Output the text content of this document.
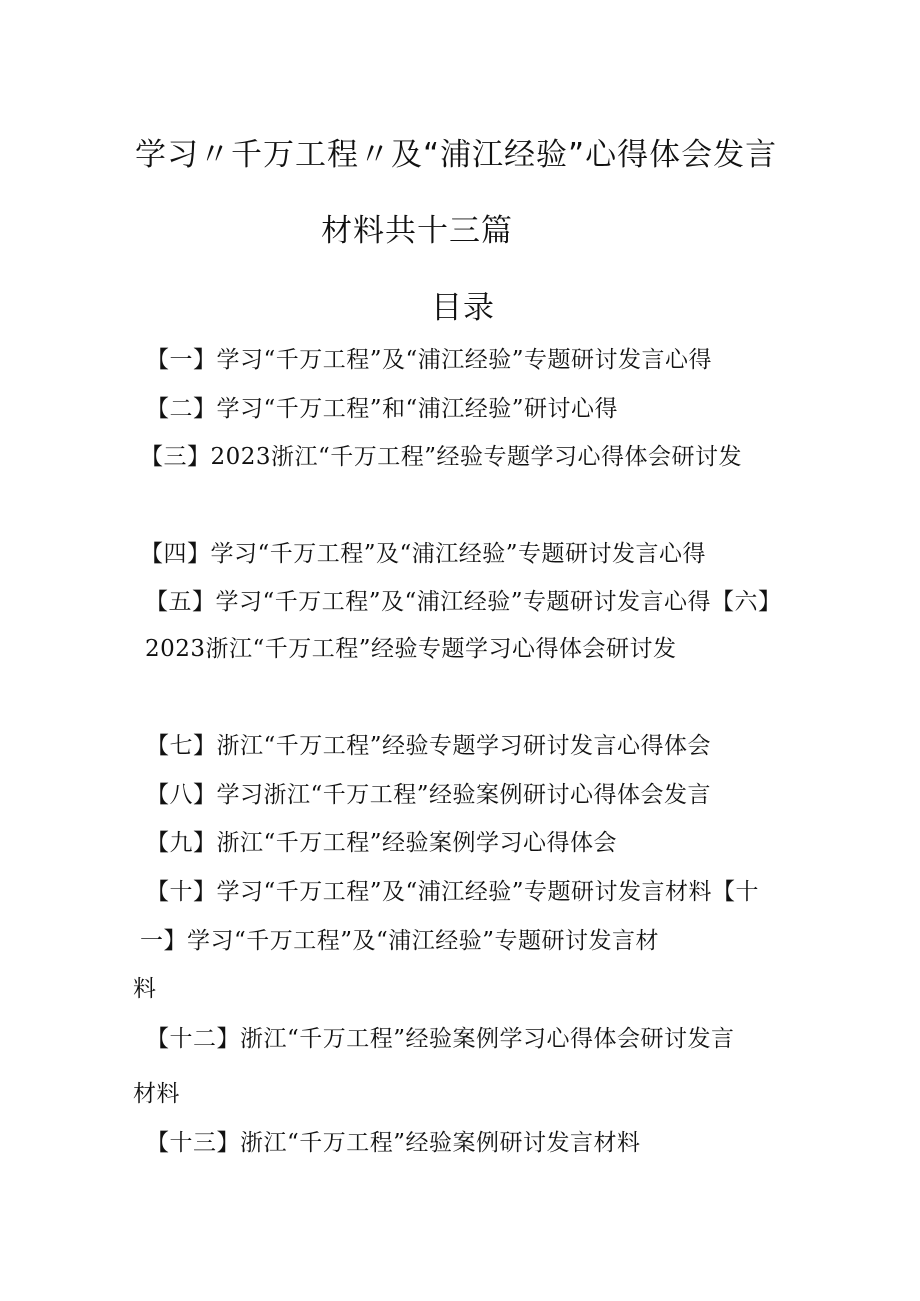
学习〃千万工程〃及“浦江经验”心得体会发言
材料共十三篇
目录
【一】学习“千万工程”及“浦江经验”专题研讨发言心得
【二】学习“千万工程”和“浦江经验”研讨心得
【三】2023浙江“千万工程”经验专题学习心得体会研讨发
【四】学习“千万工程”及“浦江经验”专题研讨发言心得
【五】学习“千万工程”及“浦江经验”专题研讨发言心得【六】
2023浙江“千万工程”经验专题学习心得体会研讨发
【七】浙江“千万工程”经验专题学习研讨发言心得体会
【八】学习浙江“千万工程”经验案例研讨心得体会发言
【九】浙江“千万工程”经验案例学习心得体会
【十】学习“千万工程”及“浦江经验”专题研讨发言材料【十
一】学习“千万工程”及“浦江经验”专题研讨发言材
料
【十二】浙江“千万工程”经验案例学习心得体会研讨发言
材料
【十三】浙江“千万工程”经验案例研讨发言材料
